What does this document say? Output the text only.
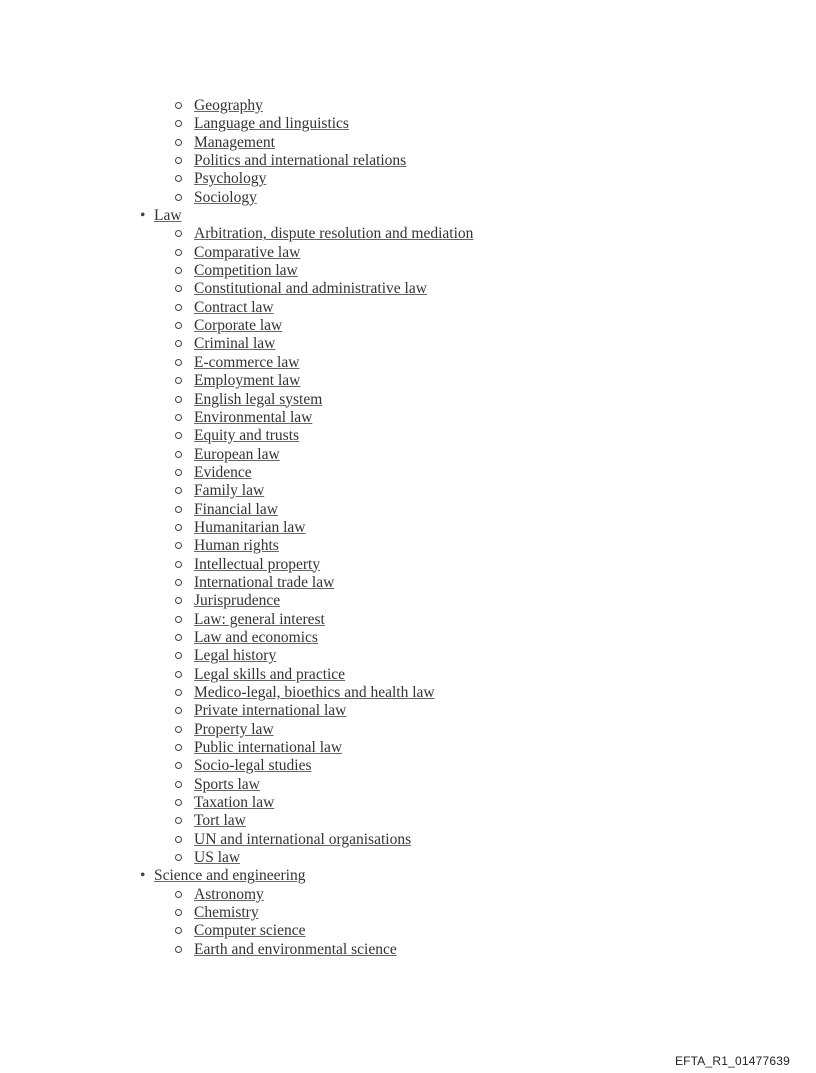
Geography
Language and linguistics
Management
Politics and international relations
Psychology
Sociology
• Law
Arbitration, dispute resolution and mediation
Comparative law
Competition law
Constitutional and administrative law
Contract law
Corporate law
Criminal law
E-commerce law
Employment law
English legal system
Environmental law
Equity and trusts
European law
Evidence
Family law
Financial law
Humanitarian law
Human rights
Intellectual property
International trade law
Jurisprudence
Law: general interest
Law and economics
Legal history
Legal skills and practice
Medico-legal, bioethics and health law
Private international law
Property law
Public international law
Socio-legal studies
Sports law
Taxation law
Tort law
UN and international organisations
US law
• Science and engineering
Astronomy
Chemistry
Computer science
Earth and environmental science
EFTA_R1_01477639
